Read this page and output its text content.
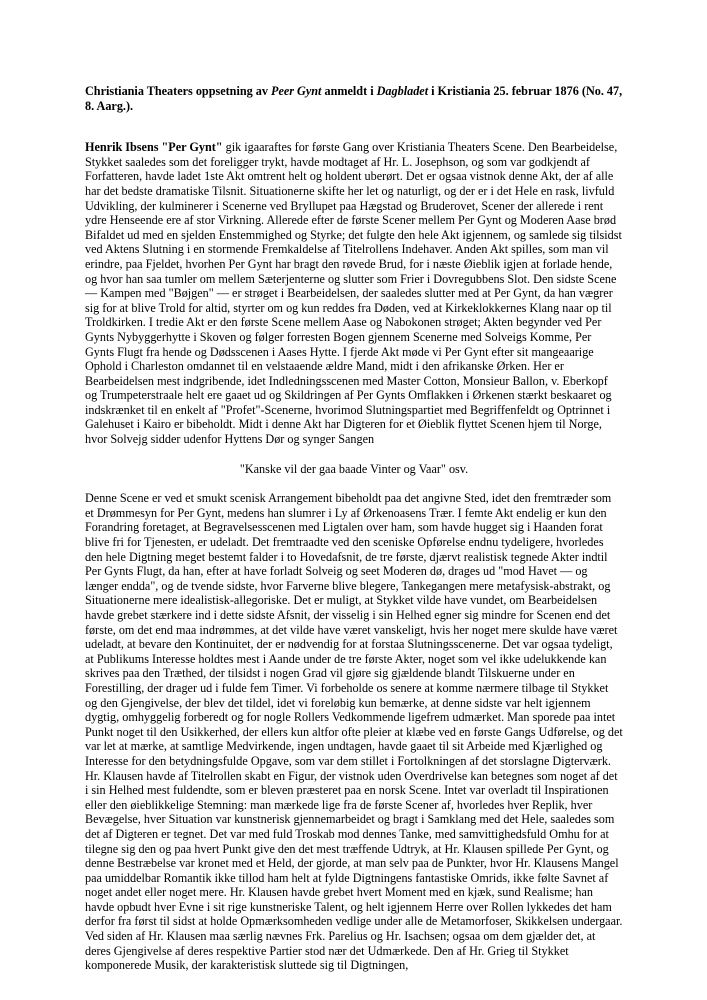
Christiania Theaters oppsetning av Peer Gynt anmeldt i Dagbladet i Kristiania 25. februar 1876 (No. 47, 8. Aarg.).

Henrik Ibsens "Per Gynt" gik igaaraftes for første Gang over Kristiania Theaters Scene. Den Bearbeidelse, Stykket saaledes som det foreligger trykt, havde modtaget af Hr. L. Josephson, og som var godkjendt af Forfatteren, havde ladet 1ste Akt omtrent helt og holdent uberørt. Det er ogsaa vistnok denne Akt, der af alle har det bedste dramatiske Tilsnit. Situationerne skifte her let og naturligt, og der er i det Hele en rask, livfuld Udvikling, der kulminerer i Scenerne ved Bryllupet paa Hægstad og Bruderovet, Scener der allerede i rent ydre Henseende ere af stor Virkning. Allerede efter de første Scener mellem Per Gynt og Moderen Aase brød Bifaldet ud med en sjelden Enstemmighed og Styrke; det fulgte den hele Akt igjennem, og samlede sig tilsidst ved Aktens Slutning i en stormende Fremkaldelse af Titelrollens Indehaver. Anden Akt spilles, som man vil erindre, paa Fjeldet, hvorhen Per Gynt har bragt den røvede Brud, for i næste Øieblik igjen at forlade hende, og hvor han saa tumler om mellem Sæterjenterne og slutter som Frier i Dovregubbens Slot. Den sidste Scene — Kampen med "Bøjgen" — er strøget i Bearbeidelsen, der saaledes slutter med at Per Gynt, da han vægrer sig for at blive Trold for altid, styrter om og kun reddes fra Døden, ved at Kirkeklokkernes Klang naar op til Troldkirken. I tredie Akt er den første Scene mellem Aase og Nabokonen strøget; Akten begynder ved Per Gynts Nybyggerhytte i Skoven og følger forresten Bogen gjennem Scenerne med Solveigs Komme, Per Gynts Flugt fra hende og Dødsscenen i Aases Hytte. I fjerde Akt møde vi Per Gynt efter sit mangeaarige Ophold i Charleston omdannet til en velstaaende ældre Mand, midt i den afrikanske Ørken. Her er Bearbeidelsen mest indgribende, idet Indledningsscenen med Master Cotton, Monsieur Ballon, v. Eberkopf og Trumpeterstraale helt ere gaaet ud og Skildringen af Per Gynts Omflakken i Ørkenen stærkt beskaaret og indskrænket til en enkelt af "Profet"-Scenerne, hvorimod Slutningspartiet med Begriffenfeldt og Optrinnet i Galehuset i Kairo er bibeholdt. Midt i denne Akt har Digteren for et Øieblik flyttet Scenen hjem til Norge, hvor Solvejg sidder udenfor Hyttens Dør og synger Sangen

"Kanske vil der gaa baade Vinter og Vaar" osv.

Denne Scene er ved et smukt scenisk Arrangement bibeholdt paa det angivne Sted, idet den fremtræder som et Drømmesyn for Per Gynt, medens han slumrer i Ly af Ørkenoasens Trær. I femte Akt endelig er kun den Forandring foretaget, at Begravelsesscenen med Ligtalen over ham, som havde hugget sig i Haanden forat blive fri for Tjenesten, er udeladt. Det fremtraadte ved den sceniske Opførelse endnu tydeligere, hvorledes den hele Digtning meget bestemt falder i to Hovedafsnit, de tre første, djærvt realistisk tegnede Akter indtil Per Gynts Flugt, da han, efter at have forladt Solveig og seet Moderen dø, drages ud "mod Havet — og længer endda", og de tvende sidste, hvor Farverne blive blegere, Tankegangen mere metafysisk-abstrakt, og Situationerne mere idealistisk-allegoriske. Det er muligt, at Stykket vilde have vundet, om Bearbeidelsen havde grebet stærkere ind i dette sidste Afsnit, der visselig i sin Helhed egner sig mindre for Scenen end det første, om det end maa indrømmes, at det vilde have været vanskeligt, hvis her noget mere skulde have været udeladt, at bevare den Kontinuitet, der er nødvendig for at forstaa Slutningsscenerne. Det var ogsaa tydeligt, at Publikums Interesse holdtes mest i Aande under de tre første Akter, noget som vel ikke udelukkende kan skrives paa den Træthed, der tilsidst i nogen Grad vil gjøre sig gjældende blandt Tilskuerne under en Forestilling, der drager ud i fulde fem Timer. Vi forbeholde os senere at komme nærmere tilbage til Stykket og den Gjengivelse, der blev det tildel, idet vi foreløbig kun bemærke, at denne sidste var helt igjennem dygtig, omhyggelig forberedt og for nogle Rollers Vedkommende ligefrem udmærket. Man sporede paa intet Punkt noget til den Usikkerhed, der ellers kun altfor ofte pleier at klæbe ved en første Gangs Udførelse, og det var let at mærke, at samtlige Medvirkende, ingen undtagen, havde gaaet til sit Arbeide med Kjærlighed og Interesse for den betydningsfulde Opgave, som var dem stillet i Fortolkningen af det storslagne Digterværk. Hr. Klausen havde af Titelrollen skabt en Figur, der vistnok uden Overdrivelse kan betegnes som noget af det i sin Helhed mest fuldendte, som er bleven præsteret paa en norsk Scene. Intet var overladt til Inspirationen eller den øieblikkelige Stemning: man mærkede lige fra de første Scener af, hvorledes hver Replik, hver Bevægelse, hver Situation var kunstnerisk gjennemarbeidet og bragt i Samklang med det Hele, saaledes som det af Digteren er tegnet. Det var med fuld Troskab mod dennes Tanke, med samvittighedsfuld Omhu for at tilegne sig den og paa hvert Punkt give den det mest træffende Udtryk, at Hr. Klausen spillede Per Gynt, og denne Bestræbelse var kronet med et Held, der gjorde, at man selv paa de Punkter, hvor Hr. Klausens Mangel paa umiddelbar Romantik ikke tillod ham helt at fylde Digtningens fantastiske Omrids, ikke følte Savnet af noget andet eller noget mere. Hr. Klausen havde grebet hvert Moment med en kjæk, sund Realisme; han havde opbudt hver Evne i sit rige kunstneriske Talent, og helt igjennem Herre over Rollen lykkedes det ham derfor fra først til sidst at holde Opmærksomheden vedlige under alle de Metamorfoser, Skikkelsen undergaar. Ved siden af Hr. Klausen maa særlig nævnes Frk. Parelius og Hr. Isachsen; ogsaa om dem gjælder det, at deres Gjengivelse af deres respektive Partier stod nær det Udmærkede. Den af Hr. Grieg til Stykket komponerede Musik, der karakteristisk sluttede sig til Digtningen,
